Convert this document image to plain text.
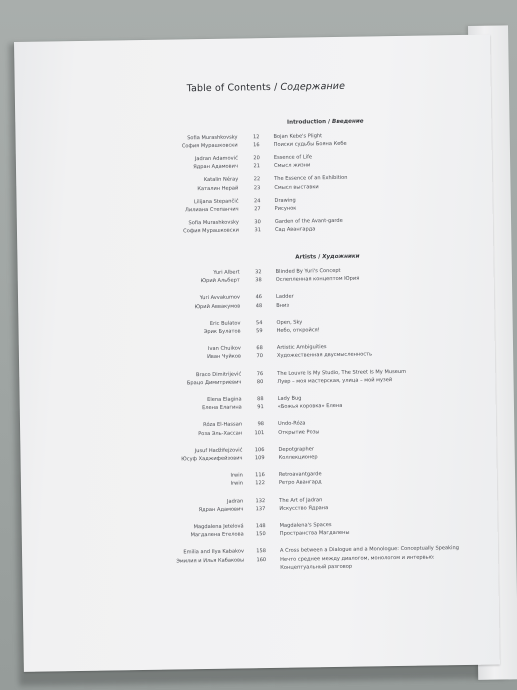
Table of Contents / Содержание
Introduction / Введение
Sofia Murashkovsky
София Мурашковски
12
16
Bojan Kebe's Plight
Поиски судьбы Бояна Кебе
Jadran Adamović
Ядран Адамович
20
21
Essence of Life
Смысл жизни
Katalin Néray
Каталин Нерай
22
23
The Essence of an Exhibition
Смысл выставки
Lilijana Stepančić
Лилиана Степанчич
24
27
Drawing
Рисунок
Sofia Murashkovsky
София Мурашковски
30
31
Garden of the Avant-garde
Сад Авангарда
Artists / Художники
Yuri Albert
Юрий Альберт
32
38
Blinded By Yuri's Concept
Ослепленная концептом Юрия
Yuri Avvakumov
Юрий Аввакумов
46
48
Ladder
Вниз
Eric Bulatov
Эрик Булатов
54
59
Open, Sky
Небо, откройся!
Ivan Chuikov
Иван Чуйков
68
70
Artistic Ambiguities
Художественная двусмысленность
Braco Dimitrijević
Брацо Димитриевич
76
80
The Louvre Is My Studio, The Street Is My Museum
Лувр – моя мастерская, улица – мой музей
Elena Elagina
Елена Елагина
88
91
Lady Bug
«Божья коровка» Елена
Róza El-Hassan
Роза Эль-Хассан
98
101
Undo-Róza
Открытие Розы
Jusuf Hadžifejzović
Юсуф Хаджифейзович
106
109
Depotgrapher
Коллекционер
Irwin
Irwin
116
122
Retroavantgarde
Ретро Авангард
Jadran
Ядран Адамович
132
137
The Art of Jadran
Искусство Ядрана
Magdalena Jetelová
Магдалена Етелова
148
150
Magdalena's Spaces
Пространства Магдалены
Emilia and Ilya Kabakov
Эмилия и Илья Кабаковы
158
160
A Cross between a Dialogue and a Monologue: Conceptually Speaking
Нечто среднее между диалогом, монологом и интервью:
Концептуальный разговор
